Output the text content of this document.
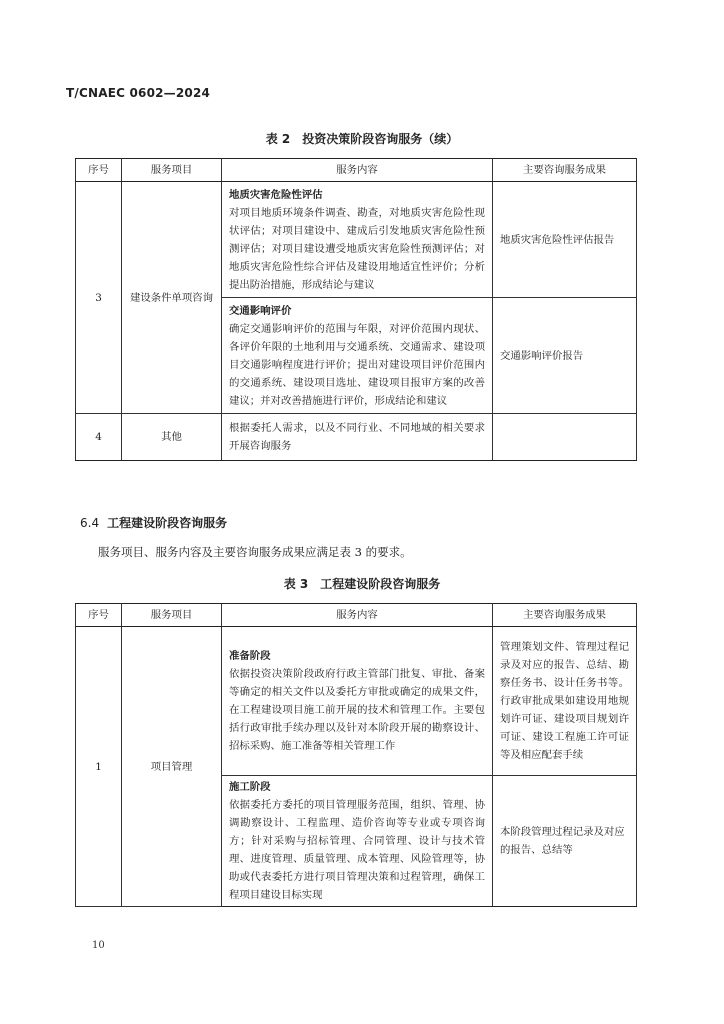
T/CNAEC 0602—2024
表 2　投资决策阶段咨询服务（续）
序号	服务项目	服务内容	主要咨询服务成果
3	建设条件单项咨询	地质灾害危险性评估
对项目地质环境条件调查、勘查，对地质灾害危险性现状评估；对项目建设中、建成后引发地质灾害危险性预测评估；对项目建设遭受地质灾害危险性预测评估；对地质灾害危险性综合评估及建设用地适宜性评价；分析提出防治措施，形成结论与建议	地质灾害危险性评估报告

		交通影响评价
确定交通影响评价的范围与年限，对评价范围内现状、各评价年限的土地利用与交通系统、交通需求、建设项目交通影响程度进行评价；提出对建设项目评价范围内的交通系统、建设项目选址、建设项目报审方案的改善建议；并对改善措施进行评价，形成结论和建议	交通影响评价报告
4	其他	根据委托人需求，以及不同行业、不同地域的相关要求开展咨询服务	
6.4 工程建设阶段咨询服务
服务项目、服务内容及主要咨询服务成果应满足表 3 的要求。
表 3　工程建设阶段咨询服务
序号	服务项目	服务内容	主要咨询服务成果
1	项目管理	准备阶段
依据投资决策阶段政府行政主管部门批复、审批、备案等确定的相关文件以及委托方审批或确定的成果文件，在工程建设项目施工前开展的技术和管理工作。主要包括行政审批手续办理以及针对本阶段开展的勘察设计、招标采购、施工准备等相关管理工作	管理策划文件、管理过程记录及对应的报告、总结、勘察任务书、设计任务书等。行政审批成果如建设用地规划许可证、建设项目规划许可证、建设工程施工许可证等及相应配套手续

		施工阶段
依据委托方委托的项目管理服务范围，组织、管理、协调勘察设计、工程监理、造价咨询等专业或专项咨询方；针对采购与招标管理、合同管理、设计与技术管理、进度管理、质量管理、成本管理、风险管理等，协助或代表委托方进行项目管理决策和过程管理，确保工程项目建设目标实现	本阶段管理过程记录及对应的报告、总结等
10
